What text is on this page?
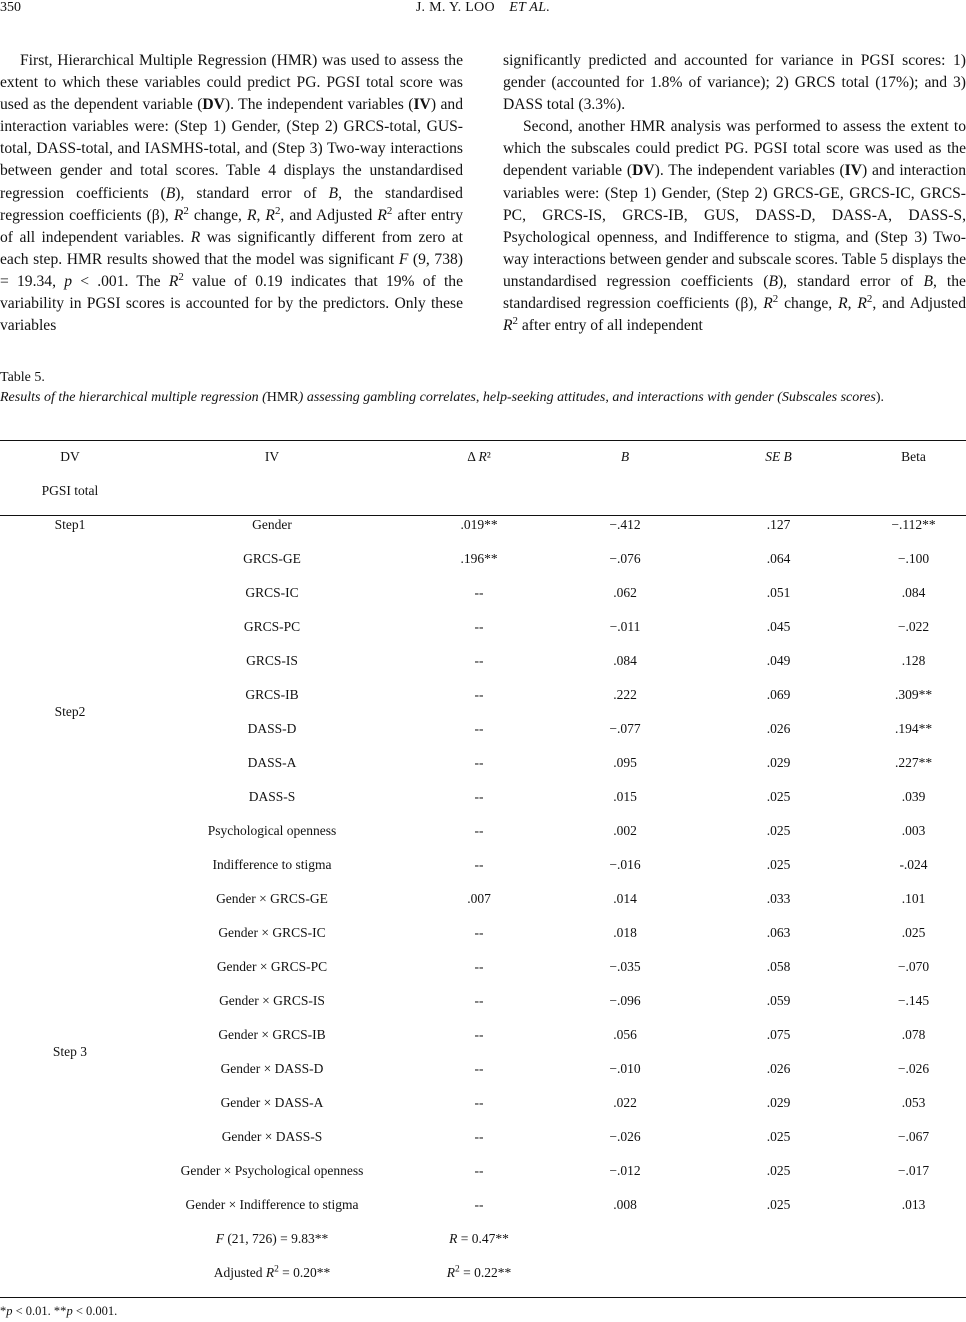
350	J. M. Y. LOO  ET AL.

First, Hierarchical Multiple Regression (HMR) was used to assess the extent to which these variables could predict PG. PGSI total score was used as the dependent variable (DV). The independent variables (IV) and interaction variables were: (Step 1) Gender, (Step 2) GRCS-total, GUS-total, DASS-total, and IASMHS-total, and (Step 3) Two-way interactions between gender and total scores. Table 4 displays the unstandardised regression coefficients (B), standard error of B, the standardised regression coefficients (β), $R^2$ change, R, $R^2$, and Adjusted $R^2$ after entry of all independent variables. R was significantly different from zero at each step. HMR results showed that the model was significant F (9, 738) = 19.34, p < .001. The $R^2$ value of 0.19 indicates that 19% of the variability in PGSI scores is accounted for by the predictors. Only these variables

significantly predicted and accounted for variance in PGSI scores: 1) gender (accounted for 1.8% of variance); 2) GRCS total (17%); and 3) DASS total (3.3%).

Second, another HMR analysis was performed to assess the extent to which the subscales could predict PG. PGSI total score was used as the dependent variable (DV). The independent variables (IV) and interaction variables were: (Step 1) Gender, (Step 2) GRCS-GE, GRCS-IC, GRCS-PC, GRCS-IS, GRCS-IB, GUS, DASS-D, DASS-A, DASS-S, Psychological openness, and Indifference to stigma, and (Step 3) Two-way interactions between gender and subscale scores. Table 5 displays the unstandardised regression coefficients (B), standard error of B, the standardised regression coefficients (β), $R^2$ change, R, $R^2$, and Adjusted $R^2$ after entry of all independent

Table 5.
Results of the hierarchical multiple regression (HMR) assessing gambling correlates, help-seeking attitudes, and interactions with gender (Subscales scores).
DV	IV	Δ R²	B	SE B	Beta
PGSI total					
Step1	Gender	.019**	−.412	.127	−.112**
Step2	GRCS-GE	.196**	−.076	.064	−.100
	GRCS-IC	--	.062	.051	.084
	GRCS-PC	--	−.011	.045	−.022
	GRCS-IS	--	.084	.049	.128
	GRCS-IB	--	.222	.069	.309**
	DASS-D	--	−.077	.026	.194**
	DASS-A	--	.095	.029	.227**
	DASS-S	--	.015	.025	.039
	Psychological openness	--	.002	.025	.003
	Indifference to stigma	--	−.016	.025	-.024
Step 3	Gender × GRCS-GE	.007	.014	.033	.101
	Gender × GRCS-IC	--	.018	.063	.025
	Gender × GRCS-PC	--	−.035	.058	−.070
	Gender × GRCS-IS	--	−.096	.059	−.145
	Gender × GRCS-IB	--	.056	.075	.078
	Gender × DASS-D	--	−.010	.026	−.026
	Gender × DASS-A	--	.022	.029	.053
	Gender × DASS-S	--	−.026	.025	−.067
	Gender × Psychological openness	--	−.012	.025	−.017
	Gender × Indifference to stigma	--	.008	.025	.013
	F (21, 726) = 9.83**	R = 0.47**			
	Adjusted $R^2 = 0.20**$	$R^2 = 0.22**$			
*p < 0.01. **p < 0.001.
